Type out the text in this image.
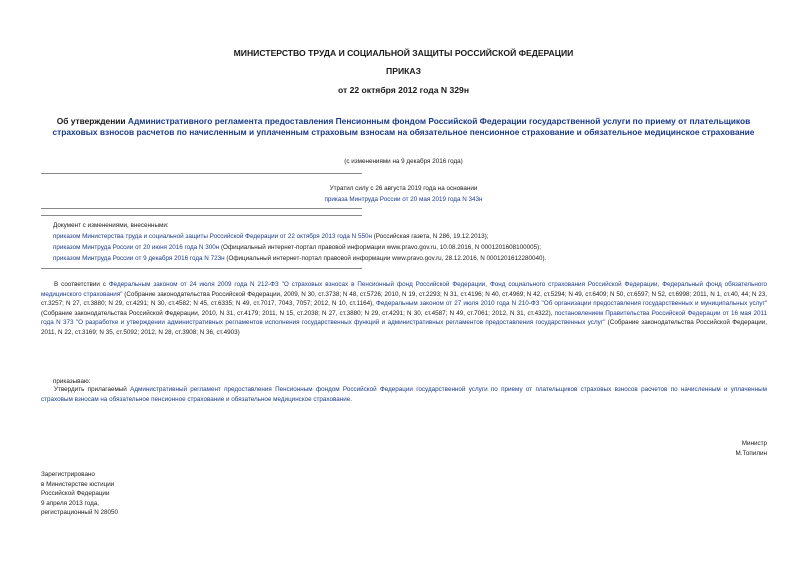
МИНИСТЕРСТВО ТРУДА И СОЦИАЛЬНОЙ ЗАЩИТЫ РОССИЙСКОЙ ФЕДЕРАЦИИ
ПРИКАЗ
от 22 октября 2012 года N 329н
Об утверждении Административного регламента предоставления Пенсионным фондом Российской Федерации государственной услуги по приему от плательщиков страховых взносов расчетов по начисленным и уплаченным страховым взносам на обязательное пенсионное страхование и обязательное медицинское страхование
(с изменениями на 9 декабря 2016 года)
Утратил силу с 26 августа 2019 года на основании
приказа Минтруда России от 20 мая 2019 года N 343н
Документ с изменениями, внесенными:
приказом Министерства труда и социальной защиты Российской Федерации от 22 октября 2013 года N 550н (Российская газета, N 286, 19.12.2013);
приказом Минтруда России от 20 июня 2016 года N 300н (Официальный интернет-портал правовой информации www.pravo.gov.ru, 10.08.2016, N 0001201608100005);
приказом Минтруда России от 9 декабря 2016 года N 723н (Официальный интернет-портал правовой информации www.pravo.gov.ru, 28.12.2016, N 0001201612280040).
В соответствии с Федеральным законом от 24 июля 2009 года N 212-ФЗ "О страховых взносах в Пенсионный фонд Российской Федерации, Фонд социального страхования Российской Федерации, Федеральный фонд обязательного медицинского страхования" (Собрание законодательства Российской Федерации, 2009, N 30, ст.3738; N 48, ст.5726; 2010, N 19, ст.2293; N 31, ст.4196; N 40, ст.4969; N 42, ст.5294; N 49, ст.6409; N 50, ст.6597; N 52, ст.6998; 2011, N 1, ст.40, 44; N 23, ст.3257; N 27, ст.3880; N 29, ст.4291; N 30, ст.4582; N 45, ст.6335; N 49, ст.7017, 7043, 7057; 2012, N 10, ст.1164), Федеральным законом от 27 июля 2010 года N 210-ФЗ "Об организации предоставления государственных и муниципальных услуг" (Собрание законодательства Российской Федерации, 2010, N 31, ст.4179; 2011, N 15, ст.2038; N 27, ст.3880; N 29, ст.4291; N 30, ст.4587; N 49, ст.7061; 2012, N 31, ст.4322), постановлением Правительства Российской Федерации от 16 мая 2011 года N 373 "О разработке и утверждении административных регламентов исполнения государственных функций и административных регламентов предоставления государственных услуг" (Собрание законодательства Российской Федерации, 2011, N 22, ст.3169; N 35, ст.5092; 2012, N 28, ст.3908; N 36, ст.4903)
приказываю:
Утвердить прилагаемый Административный регламент предоставления Пенсионным фондом Российской Федерации государственной услуги по приему от плательщиков страховых взносов расчетов по начисленным и уплаченным страховым взносам на обязательное пенсионное страхование и обязательное медицинское страхование.
Министр
М.Топилин
Зарегистрировано
в Министерстве юстиции
Российской Федерации
9 апреля 2013 года,
регистрационный N 28050
